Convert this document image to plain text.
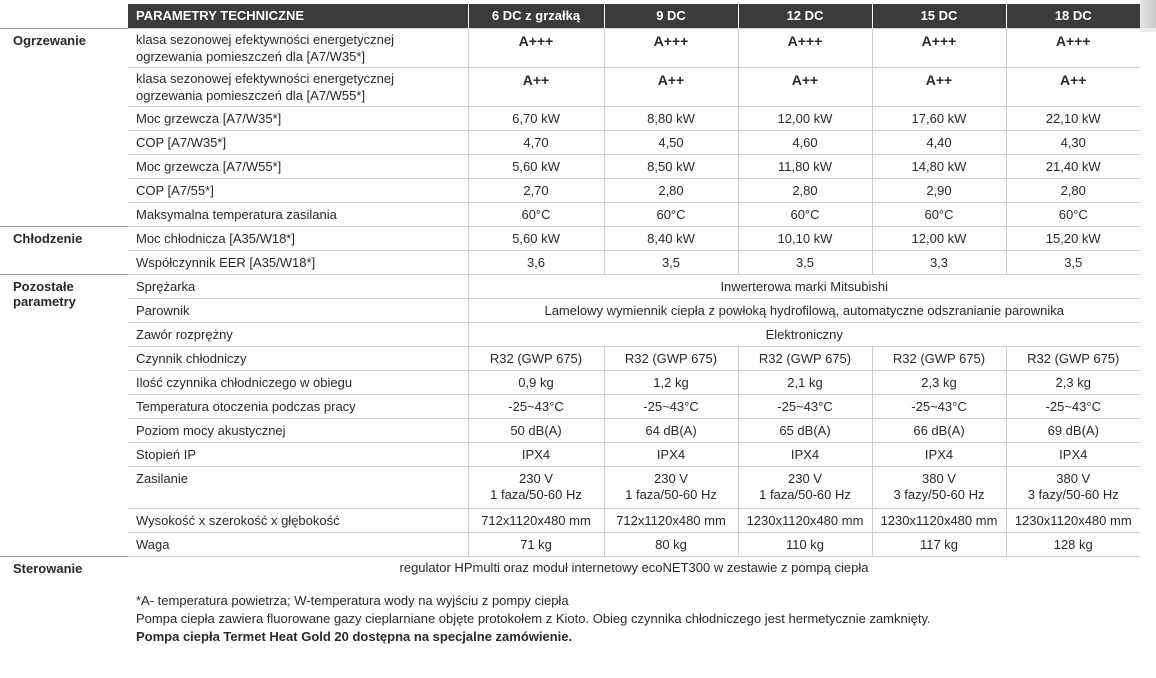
	PARAMETRY TECHNICZNE	6 DC z grzałką	9 DC	12 DC	15 DC	18 DC
Ogrzewanie	klasa sezonowej efektywności energetycznej
ogrzewania pomieszczeń dla [A7/W35*]	A+++	A+++	A+++	A+++	A+++

	klasa sezonowej efektywności energetycznej
ogrzewania pomieszczeń dla [A7/W55*]	A++	A++	A++	A++	A++
	Moc grzewcza [A7/W35*]	6,70 kW	8,80 kW	12,00 kW	17,60 kW	22,10 kW
	COP [A7/W35*]	4,70	4,50	4,60	4,40	4,30
	Moc grzewcza [A7/W55*]	5,60 kW	8,50 kW	11,80 kW	14,80 kW	21,40 kW
	COP [A7/55*]	2,70	2,80	2,80	2,90	2,80
	Maksymalna temperatura zasilania	60°C	60°C	60°C	60°C	60°C
Chłodzenie	Moc chłodnicza [A35/W18*]	5,60 kW	8,40 kW	10,10 kW	12,00 kW	15,20 kW
	Współczynnik EER [A35/W18*]	3,6	3,5	3,5	3,3	3,5

Pozostałe
parametry	Sprężarka	Inwerterowa marki Mitsubishi				
	Parownik	Lamelowy wymiennik ciepła z powłoką hydrofilową, automatyczne odszranianie parownika				
	Zawór rozprężny	Elektroniczny				
	Czynnik chłodniczy	R32 (GWP 675)	R32 (GWP 675)	R32 (GWP 675)	R32 (GWP 675)	R32 (GWP 675)
	Ilość czynnika chłodniczego w obiegu	0,9 kg	1,2 kg	2,1 kg	2,3 kg	2,3 kg
	Temperatura otoczenia podczas pracy	-25~43°C	-25~43°C	-25~43°C	-25~43°C	-25~43°C
	Poziom mocy akustycznej	50 dB(A)	64 dB(A)	65 dB(A)	66 dB(A)	69 dB(A)
	Stopień IP	IPX4	IPX4	IPX4	IPX4	IPX4
	Zasilanie	230 V
1 faza/50-60 Hz	230 V
1 faza/50-60 Hz	230 V
1 faza/50-60 Hz	380 V
3 fazy/50-60 Hz	380 V
3 fazy/50-60 Hz

	Wysokość x szerokość x głębokość	712x1120x480 mm	712x1120x480 mm	1230x1120x480 mm	1230x1120x480 mm	1230x1120x480 mm
	Waga	71 kg	80 kg	110 kg	117 kg	128 kg
Sterowanie	regulator HPmulti oraz moduł internetowy ecoNET300 w zestawie z pompą ciepła					
*A- temperatura powietrza; W-temperatura wody na wyjściu z pompy ciepła
Pompa ciepła zawiera fluorowane gazy cieplarniane objęte protokołem z Kioto. Obieg czynnika chłodniczego jest hermetycznie zamknięty.
Pompa ciepła Termet Heat Gold 20 dostępna na specjalne zamówienie.
